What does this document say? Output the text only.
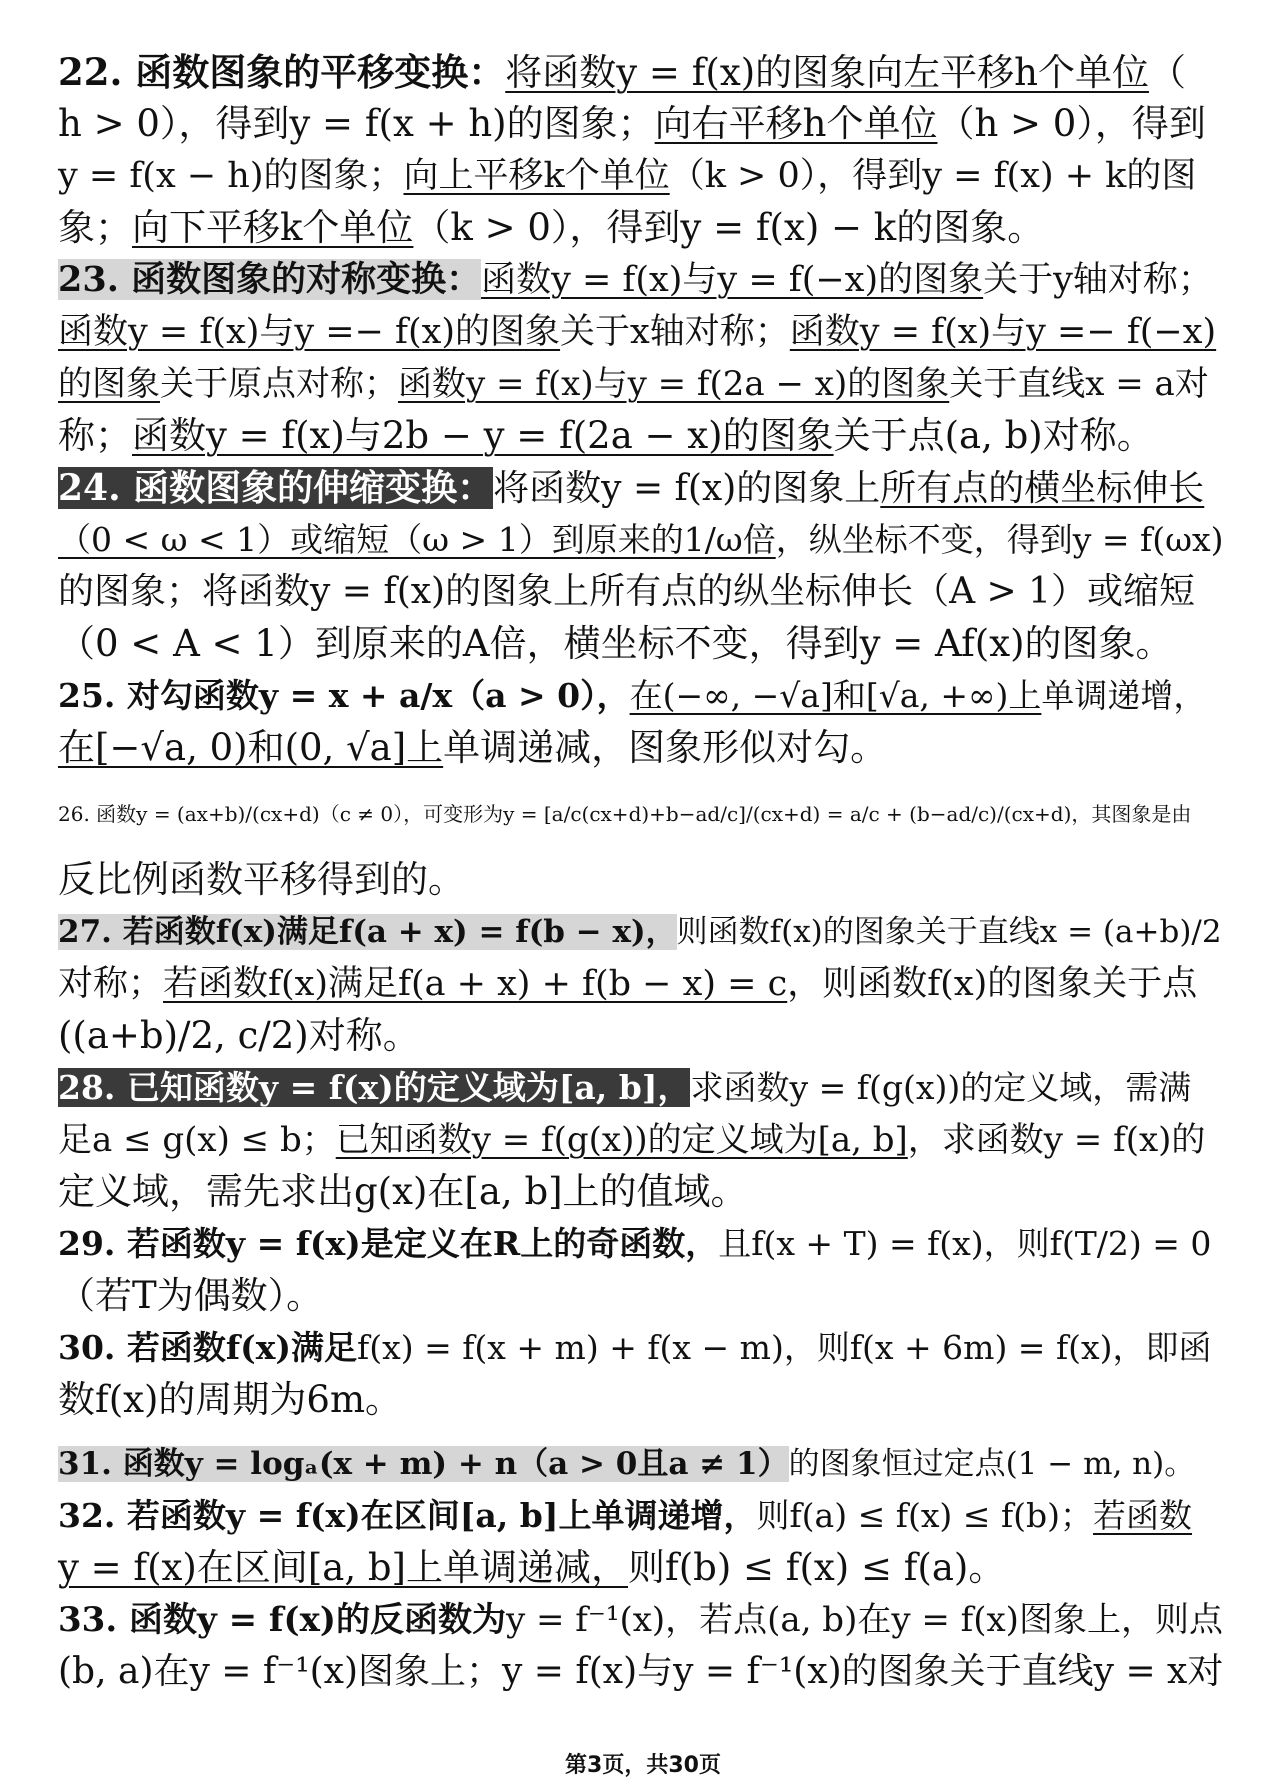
22. 函数图象的平移变换：将函数y = f(x)的图象向左平移h个单位（
h > 0），得到y = f(x + h)的图象；向右平移h个单位（h > 0），得到
y = f(x − h)的图象；向上平移k个单位（k > 0），得到y = f(x) + k的图
象；向下平移k个单位（k > 0），得到y = f(x) − k的图象。
23. 函数图象的对称变换：函数y = f(x)与y = f(−x)的图象关于y轴对称；
函数y = f(x)与y =− f(x)的图象关于x轴对称；函数y = f(x)与y =− f(−x)
的图象关于原点对称；函数y = f(x)与y = f(2a − x)的图象关于直线x = a对
称；函数y = f(x)与2b − y = f(2a − x)的图象关于点(a, b)对称。
24. 函数图象的伸缩变换：将函数y = f(x)的图象上所有点的横坐标伸长
（0 < ω < 1）或缩短（ω > 1）到原来的1/ω倍，纵坐标不变，得到y = f(ωx)
的图象；将函数y = f(x)的图象上所有点的纵坐标伸长（A > 1）或缩短
（0 < A < 1）到原来的A倍，横坐标不变，得到y = Af(x)的图象。
25. 对勾函数y = x + a/x（a > 0），在(−∞, −√a]和[√a, +∞)上单调递增，
在[−√a, 0)和(0, √a]上单调递减，图象形似对勾。
26. 函数y = (ax+b)/(cx+d)（c ≠ 0），可变形为y = [a/c(cx+d)+b−ad/c]/(cx+d) = a/c + (b−ad/c)/(cx+d)，其图象是由
反比例函数平移得到的。
27. 若函数f(x)满足f(a + x) = f(b − x)，则函数f(x)的图象关于直线x = (a+b)/2
对称；若函数f(x)满足f(a + x) + f(b − x) = c，则函数f(x)的图象关于点
((a+b)/2, c/2)对称。
28. 已知函数y = f(x)的定义域为[a, b]，求函数y = f(g(x))的定义域，需满
足a ≤ g(x) ≤ b；已知函数y = f(g(x))的定义域为[a, b]，求函数y = f(x)的
定义域，需先求出g(x)在[a, b]上的值域。
29. 若函数y = f(x)是定义在R上的奇函数，且f(x + T) = f(x)，则f(T/2) = 0
（若T为偶数）。
30. 若函数f(x)满足f(x) = f(x + m) + f(x − m)，则f(x + 6m) = f(x)，即函
数f(x)的周期为6m。
31. 函数y = logₐ(x + m) + n（a > 0且a ≠ 1）的图象恒过定点(1 − m, n)。
32. 若函数y = f(x)在区间[a, b]上单调递增，则f(a) ≤ f(x) ≤ f(b)；若函数
y = f(x)在区间[a, b]上单调递减，则f(b) ≤ f(x) ≤ f(a)。
33. 函数y = f(x)的反函数为y = f⁻¹(x)，若点(a, b)在y = f(x)图象上，则点
(b, a)在y = f⁻¹(x)图象上；y = f(x)与y = f⁻¹(x)的图象关于直线y = x对
第3页，共30页
